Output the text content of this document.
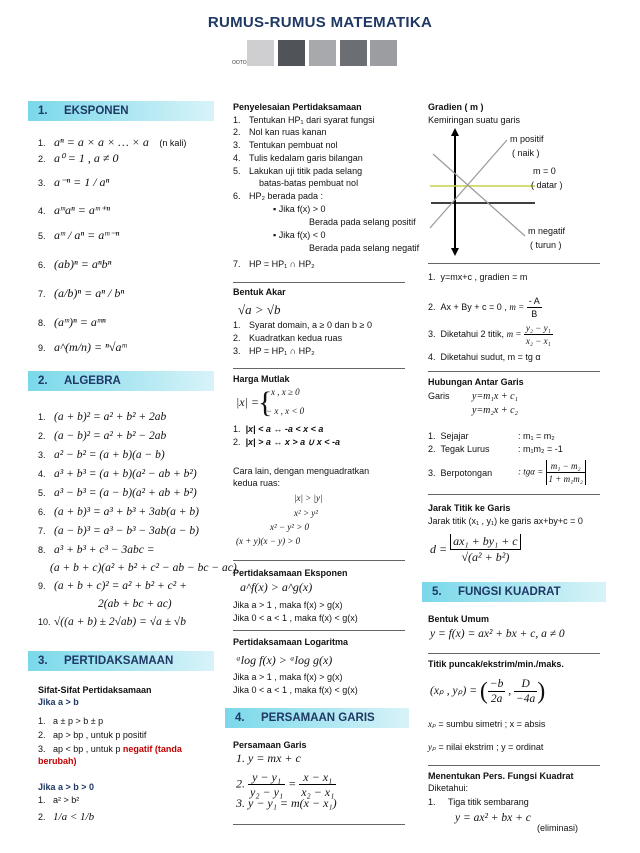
RUMUS-RUMUS MATEMATIKA
OOTO
1. EKSPONEN
1. aⁿ = a × a × … × a (n kali)
2. a⁰ = 1 , a ≠ 0
3. a⁻ⁿ = 1 / aⁿ
4. aᵐaⁿ = aᵐ⁺ⁿ
5. aᵐ / aⁿ = aᵐ⁻ⁿ
6. (ab)ⁿ = aⁿbⁿ
7. (a/b)ⁿ = aⁿ / bⁿ
8. (aᵐ)ⁿ = aᵐⁿ
9. a^(m/n) = ⁿ√aᵐ
2. ALGEBRA
1. (a + b)² = a² + b² + 2ab
2. (a − b)² = a² + b² − 2ab
3. a² − b² = (a + b)(a − b)
4. a³ + b³ = (a + b)(a² − ab + b²)
5. a³ − b³ = (a − b)(a² + ab + b²)
6. (a + b)³ = a³ + b³ + 3ab(a + b)
7. (a − b)³ = a³ − b³ − 3ab(a − b)
8. a³ + b³ + c³ − 3abc =
(a + b + c)(a² + b² + c² − ab − bc − ac)
9. (a + b + c)² = a² + b² + c² +
2(ab + bc + ac)
10. √((a + b) ± 2√ab) = √a ± √b
3. PERTIDAKSAMAAN
Sifat-Sifat Pertidaksamaan
Jika a > b
1. a ± p > b ± p
2. ap > bp , untuk p positif
3. ap < bp , untuk p negatif (tanda
berubah)
Jika a > b > 0
1. a² > b²
2. 1/a < 1/b
Penyelesaian Pertidaksamaan
1. Tentukan HP₁ dari syarat fungsi
2. Nol kan ruas kanan
3. Tentukan pembuat nol
4. Tulis kedalam garis bilangan
5. Lakukan uji titik pada selang
batas-batas pembuat nol
6. HP₂ berada pada :
▪ Jika f(x) > 0
Berada pada selang positif
▪ Jika f(x) < 0
Berada pada selang negatif
7. HP = HP₁ ∩ HP₂
Bentuk Akar
√a > √b
1. Syarat domain, a ≥ 0 dan b ≥ 0
2. Kuadratkan kedua ruas
3. HP = HP₁ ∩ HP₂
Harga Mutlak
|x| =
{
x , x ≥ 0
− x , x < 0
1. |x| < a ↔ -a < x < a
2. |x| > a ↔ x > a ∪ x < -a
Cara lain, dengan menguadratkan
kedua ruas:
|x| > |y|
x² > y²
x² − y² > 0
(x + y)(x − y) > 0
Pertidaksamaan Eksponen
a^f(x) > a^g(x)
Jika a > 1 , maka f(x) > g(x)
Jika 0 < a < 1 , maka f(x) < g(x)
Pertidaksamaan Logaritma
ᵃlog f(x) > ᵃlog g(x)
Jika a > 1 , maka f(x) > g(x)
Jika 0 < a < 1 , maka f(x) < g(x)
4. PERSAMAAN GARIS
Persamaan Garis
1. y = mx + c
2. $\frac{\text{y − y₁}}{\text{y₂ − y₁}} = \frac{\text{x − x₁}}{\text{x₂ − x₁}}$
3. y − y₁ = m(x − x₁)
Gradien ( m )
Kemiringan suatu garis
m positif
( naik )
m = 0
( datar )
m negatif
( turun )
1. y=mx+c , gradien = m
2. Ax + By + c = 0 , $m = \frac{- A}{B}$
3. Diketahui 2 titik, $m = \frac{\text{y₂ − y₁}}{\text{x₂ − x₁}}$
4. Diketahui sudut, m = tg α
Hubungan Antar Garis
Garis y=m₁x + c₁
y=m₂x + c₂
1. Sejajar	: m₁ = m₂
2. Tegak Lurus	: m₁m₂ = -1
3. Berpotongan	: $tg\alpha = \frac{\text{m₁ − m₂}}{\text{1 + m₁m₂}}$
Jarak Titik ke Garis
Jarak titik (x₁ , y₁) ke garis ax+by+c = 0
$d = \frac{\text{ax₁ + by₁ + c}}{\text{√(a² + b²)}}$
5. FUNGSI KUADRAT
Bentuk Umum
y = f(x) = ax² + bx + c, a ≠ 0
Titik puncak/ekstrim/min./maks.
(xₚ , yₚ) = ( $\frac{-b}{2a}$ , $\frac{D}{-4a}$ )
xₚ = sumbu simetri ; x = absis
yₚ = nilai ekstrim ; y = ordinat
Menentukan Pers. Fungsi Kuadrat
Diketahui:
1. Tiga titik sembarang
y = ax² + bx + c
(eliminasi)
